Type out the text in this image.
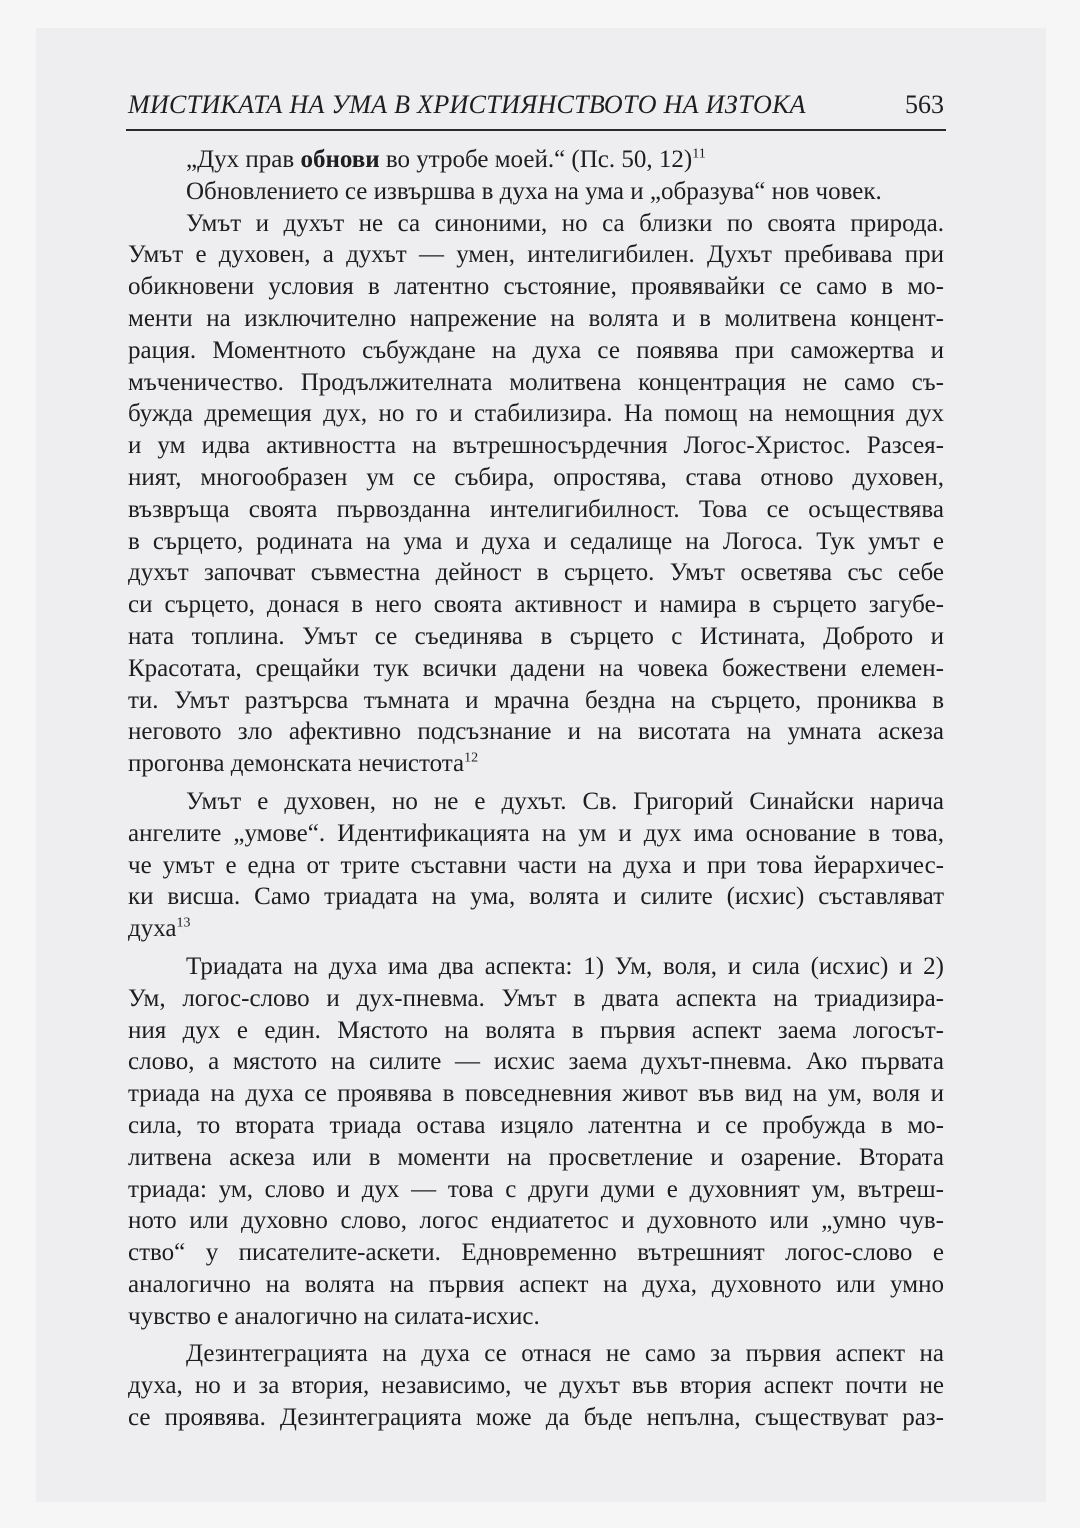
МИСТИКАТА НА УМА В ХРИСТИЯНСТВОТО НА ИЗТОКА	563

„Дух прав обнови во утробе моей.“ (Пс. 50, 12)$^{11}$

Обновлението се извършва в духа на ума и „образува“ нов човек.

Умът и духът не са синоними, но са близки по своята природа.
Умът е духовен, а духът — умен, интелигибилен. Духът пребивава при
обикновени условия в латентно състояние, проявявайки се само в мо-
менти на изключително напрежение на волята и в молитвена концент-
рация. Моментното събуждане на духа се появява при саможертва и
мъченичество. Продължителната молитвена концентрация не само съ-
бужда дремещия дух, но го и стабилизира. На помощ на немощния дух
и ум идва активността на вътрешносърдечния Логос-Христос. Разсея-
ният, многообразен ум се събира, опростява, става отново духовен,
възвръща своята първозданна интелигибилност. Това се осъществява
в сърцето, родината на ума и духа и седалище на Логоса. Тук умът е
духът започват съвместна дейност в сърцето. Умът осветява със себе
си сърцето, донася в него своята активност и намира в сърцето загубе-
ната топлина. Умът се съединява в сърцето с Истината, Доброто и
Красотата, срещайки тук всички дадени на човека божествени елемен-
ти. Умът разтърсва тъмната и мрачна бездна на сърцето, прониква в
неговото зло афективно подсъзнание и на висотата на умната аскеза
прогонва демонската нечистота$^{12}$

Умът е духовен, но не е духът. Св. Григорий Синайски нарича
ангелите „умове“. Идентификацията на ум и дух има основание в това,
че умът е една от трите съставни части на духа и при това йерархичес-
ки висша. Само триадата на ума, волята и силите (исхис) съставляват
духа$^{13}$

Триадата на духа има два аспекта: 1) Ум, воля, и сила (исхис) и 2)
Ум, логос-слово и дух-пневма. Умът в двата аспекта на триадизира-
ния дух е един. Мястото на волята в първия аспект заема логосът-
слово, а мястото на силите — исхис заема духът-пневма. Ако първата
триада на духа се проявява в повседневния живот във вид на ум, воля и
сила, то втората триада остава изцяло латентна и се пробужда в мо-
литвена аскеза или в моменти на просветление и озарение. Втората
триада: ум, слово и дух — това с други думи е духовният ум, вътреш-
ното или духовно слово, логос ендиатетос и духовното или „умно чув-
ство“ у писателите-аскети. Едновременно вътрешният логос-слово е
аналогично на волята на първия аспект на духа, духовното или умно
чувство е аналогично на силата-исхис.

Дезинтеграцията на духа се отнася не само за първия аспект на
духа, но и за втория, независимо, че духът във втория аспект почти не
се проявява. Дезинтеграцията може да бъде непълна, съществуват раз-
